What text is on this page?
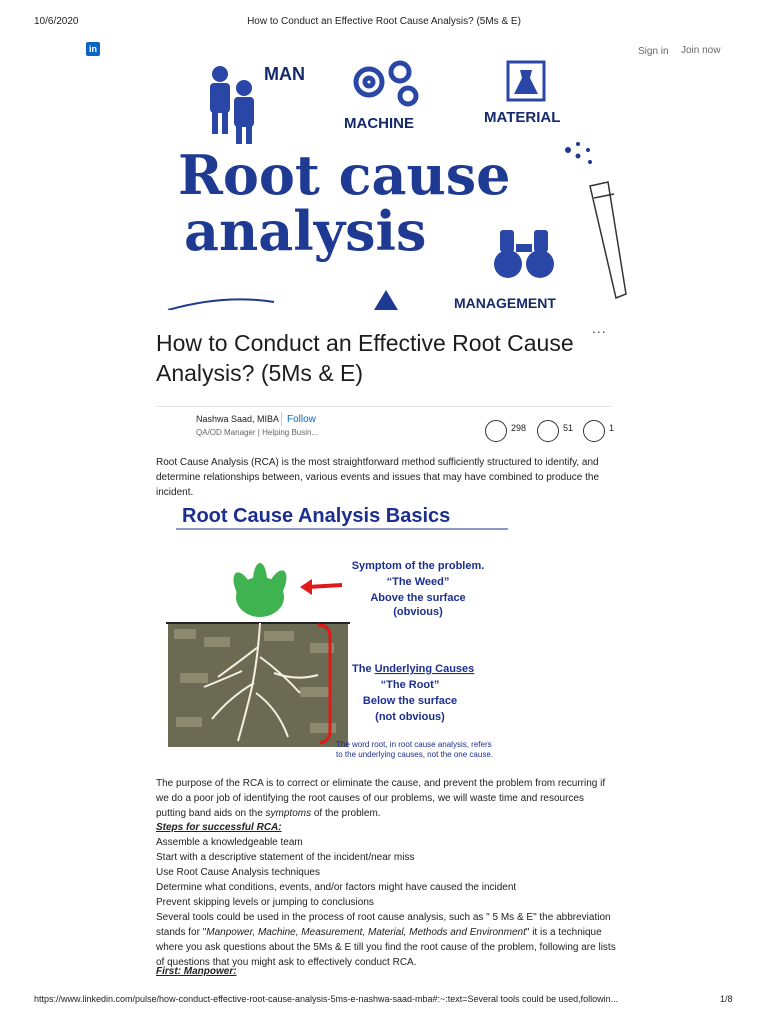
10/6/2020	How to Conduct an Effective Root Cause Analysis? (5Ms & E)
in	Sign in Join now
MAN
MACHINE	MATERIAL
Root cause
analysis
MANAGEMENT
...
How to Conduct an Effective Root Cause Analysis? (5Ms & E)
Nashwa Saad, MIBA Follow
QA/OD Manager | Helping Busin...	298	51	1

Root Cause Analysis (RCA) is the most straightforward method sufficiently structured to identify, and determine relationships between, various events and issues that may have combined to produce the incident.

Root Cause Analysis Basics
Symptom of the problem.
“The Weed”
Above the surface
(obvious)
The Underlying Causes
“The Root”
Below the surface
(not obvious)
The word root, in root cause analysis, refers
to the underlying causes, not the one cause.

The purpose of the RCA is to correct or eliminate the cause, and prevent the problem from recurring if we do a poor job of identifying the root causes of our problems, we will waste time and resources putting band aids on the symptoms of the problem.

Steps for successful RCA:
Assemble a knowledgeable team
Start with a descriptive statement of the incident/near miss
Use Root Cause Analysis techniques
Determine what conditions, events, and/or factors might have caused the incident
Prevent skipping levels or jumping to conclusions

Several tools could be used in the process of root cause analysis, such as " 5 Ms & E" the abbreviation stands for "Manpower, Machine, Measurement, Material, Methods and Environment" it is a technique where you ask questions about the 5Ms & E till you find the root cause of the problem, following are lists of questions that you might ask to effectively conduct RCA.

First: Manpower:
https://www.linkedin.com/pulse/how-conduct-effective-root-cause-analysis-5ms-e-nashwa-saad-mba#:~:text=Several tools could be used,followin...	1/8
